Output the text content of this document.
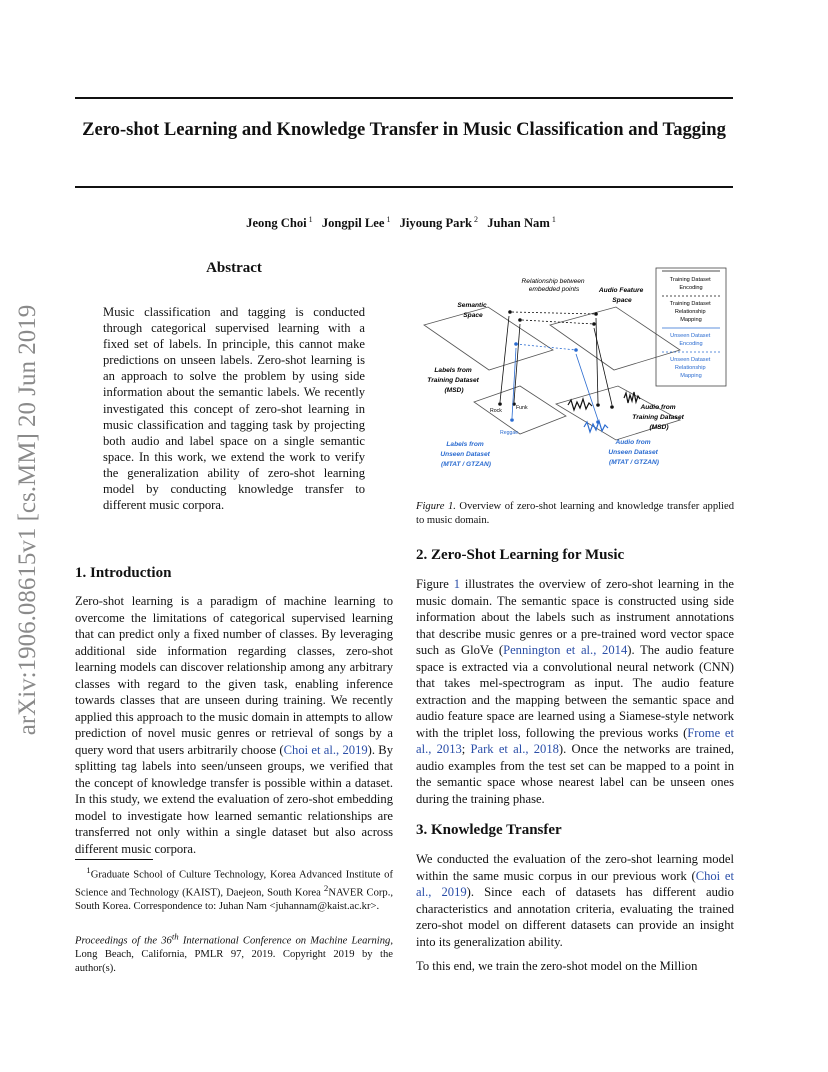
Zero-shot Learning and Knowledge Transfer in Music Classification and Tagging
Jeong Choi $^1$ Jongpil Lee $^1$ Jiyoung Park $^2$ Juhan Nam $^1$
arXiv:1906.08615v1 [cs.MM] 20 Jun 2019
Abstract
Music classification and tagging is conducted through categorical supervised learning with a fixed set of labels. In principle, this cannot make predictions on unseen labels. Zero-shot learning is an approach to solve the problem by using side information about the semantic labels. We recently investigated this concept of zero-shot learning in music classification and tagging task by projecting both audio and label space on a single semantic space. In this work, we extend the work to verify the generalization ability of zero-shot learning model by conducting knowledge transfer to different music corpora.
1. Introduction
Zero-shot learning is a paradigm of machine learning to overcome the limitations of categorical supervised learning that can predict only a fixed number of classes. By leveraging additional side information regarding classes, zero-shot learning models can discover relationship among any arbitrary classes with regard to the given task, enabling inference towards classes that are unseen during training. We recently applied this approach to the music domain in attempts to allow prediction of novel music genres or retrieval of songs by a query word that users arbitrarily choose (Choi et al., 2019). By splitting tag labels into seen/unseen groups, we verified that the concept of knowledge transfer is possible within a dataset. In this study, we extend the evaluation of zero-shot embedding model to investigate how learned semantic relationships are transferred not only within a single dataset but also across different music corpora.
$^1$Graduate School of Culture Technology, Korea Advanced Institute of Science and Technology (KAIST), Daejeon, South Korea $^2$NAVER Corp., South Korea. Correspondence to: Juhan Nam <juhannam@kaist.ac.kr>.
Proceedings of the 36th International Conference on Machine Learning, Long Beach, California, PMLR 97, 2019. Copyright 2019 by the author(s).
Relationship between embedded points
Semantic Space
Audio Feature Space
Labels from Training Dataset (MSD)
Labels from Unseen Dataset (MTAT / GTZAN)
Audio from Training Dataset (MSD)
Audio from Unseen Dataset (MTAT / GTZAN)
Rock	Funk
Reggae
Training Dataset Encoding
Training Dataset Relationship Mapping
Unseen Dataset Encoding
Unseen Dataset Relationship Mapping
Figure 1. Overview of zero-shot learning and knowledge transfer applied to music domain.
2. Zero-Shot Learning for Music
Figure 1 illustrates the overview of zero-shot learning in the music domain. The semantic space is constructed using side information about the labels such as instrument annotations that describe music genres or a pre-trained word vector space such as GloVe (Pennington et al., 2014). The audio feature space is extracted via a convolutional neural network (CNN) that takes mel-spectrogram as input. The audio feature extraction and the mapping between the semantic space and audio feature space are learned using a Siamese-style network with the triplet loss, following the previous works (Frome et al., 2013; Park et al., 2018). Once the networks are trained, audio examples from the test set can be mapped to a point in the semantic space whose nearest label can be unseen ones during the training phase.
3. Knowledge Transfer
We conducted the evaluation of the zero-shot learning model within the same music corpus in our previous work (Choi et al., 2019). Since each of datasets has different audio characteristics and annotation criteria, evaluating the trained zero-shot model on different datasets can provide an insight into its generalization ability.
To this end, we train the zero-shot model on the Million
